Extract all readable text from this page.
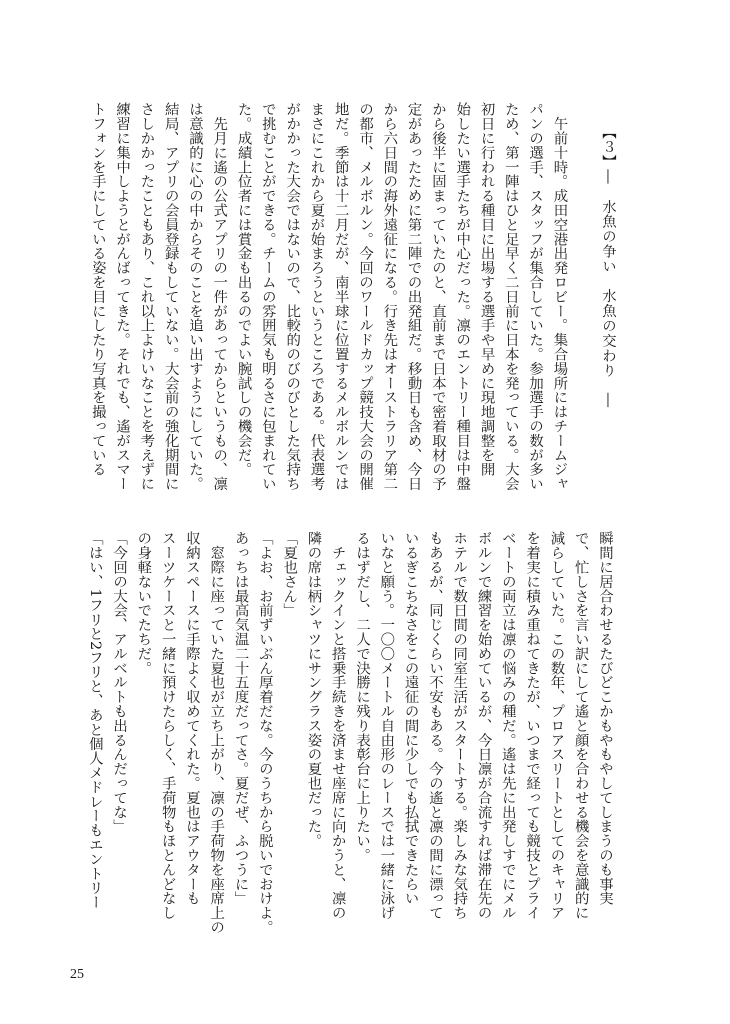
　　【３】―　水魚の争い　水魚の交わり　―

　午前十時。成田空港出発ロビー。集合場所にはチームジャ
パンの選手、スタッフが集合していた。参加選手の数が多い
ため、第一陣はひと足早く二日前に日本を発っている。大会
初日に行われる種目に出場する選手や早めに現地調整を開
始したい選手たちが中心だった。凛のエントリー種目は中盤
から後半に固まっていたのと、直前まで日本で密着取材の予
定があったために第二陣での出発組だ。移動日も含め、今日
から六日間の海外遠征になる。行き先はオーストラリア第二
の都市、メルボルン。今回のワールドカップ競技大会の開催
地だ。季節は十二月だが、南半球に位置するメルボルンでは
まさにこれから夏が始まろうというところである。代表選考
がかかった大会ではないので、比較的のびのびとした気持ち
で挑むことができる。チームの雰囲気も明るさに包まれてい
た。成績上位者には賞金も出るのでよい腕試しの機会だ。
　先月に遙の公式アプリの一件があってからというもの、凛
は意識的に心の中からそのことを追い出すようにしていた。
結局、アプリの会員登録もしていない。大会前の強化期間に
さしかかったこともあり、これ以上よけいなことを考えずに
練習に集中しようとがんばってきた。それでも、遙がスマー
トフォンを手にしている姿を目にしたり写真を撮っている
瞬間に居合わせるたびどこかもやもやしてしまうのも事実
で、忙しさを言い訳にして遙と顔を合わせる機会を意識的に
減らしていた。この数年、プロアスリートとしてのキャリア
を着実に積み重ねてきたが、いつまで経っても競技とプライ
ベートの両立は凛の悩みの種だ。遙は先に出発しすでにメル
ボルンで練習を始めているが、今日凛が合流すれば滞在先の
ホテルで数日間の同室生活がスタートする。楽しみな気持ち
もあるが、同じくらい不安もある。今の遙と凛の間に漂って
いるぎこちなさをこの遠征の間に少しでも払拭できたらい
いなと願う。一〇〇メートル自由形のレースでは一緒に泳げ
るはずだし、二人で決勝に残り表彰台に上りたい。
　チェックインと搭乗手続きを済ませ座席に向かうと、凛の
隣の席は柄シャツにサングラス姿の夏也だった。
「夏也さん」
「よお、お前ずいぶん厚着だな。今のうちから脱いでおけよ。
あっちは最高気温二十五度だってさ。夏だぜ、ふつうに」
　窓際に座っていた夏也が立ち上がり、凛の手荷物を座席上の
収納スペースに手際よく収めてくれた。夏也はアウターも
スーツケースと一緒に預けたらしく、手荷物もほとんどなし
の身軽ないでたちだ。
「今回の大会、アルベルトも出るんだってな」
「はい、1フリと2フリと、あと個人メドレーもエントリー
25
